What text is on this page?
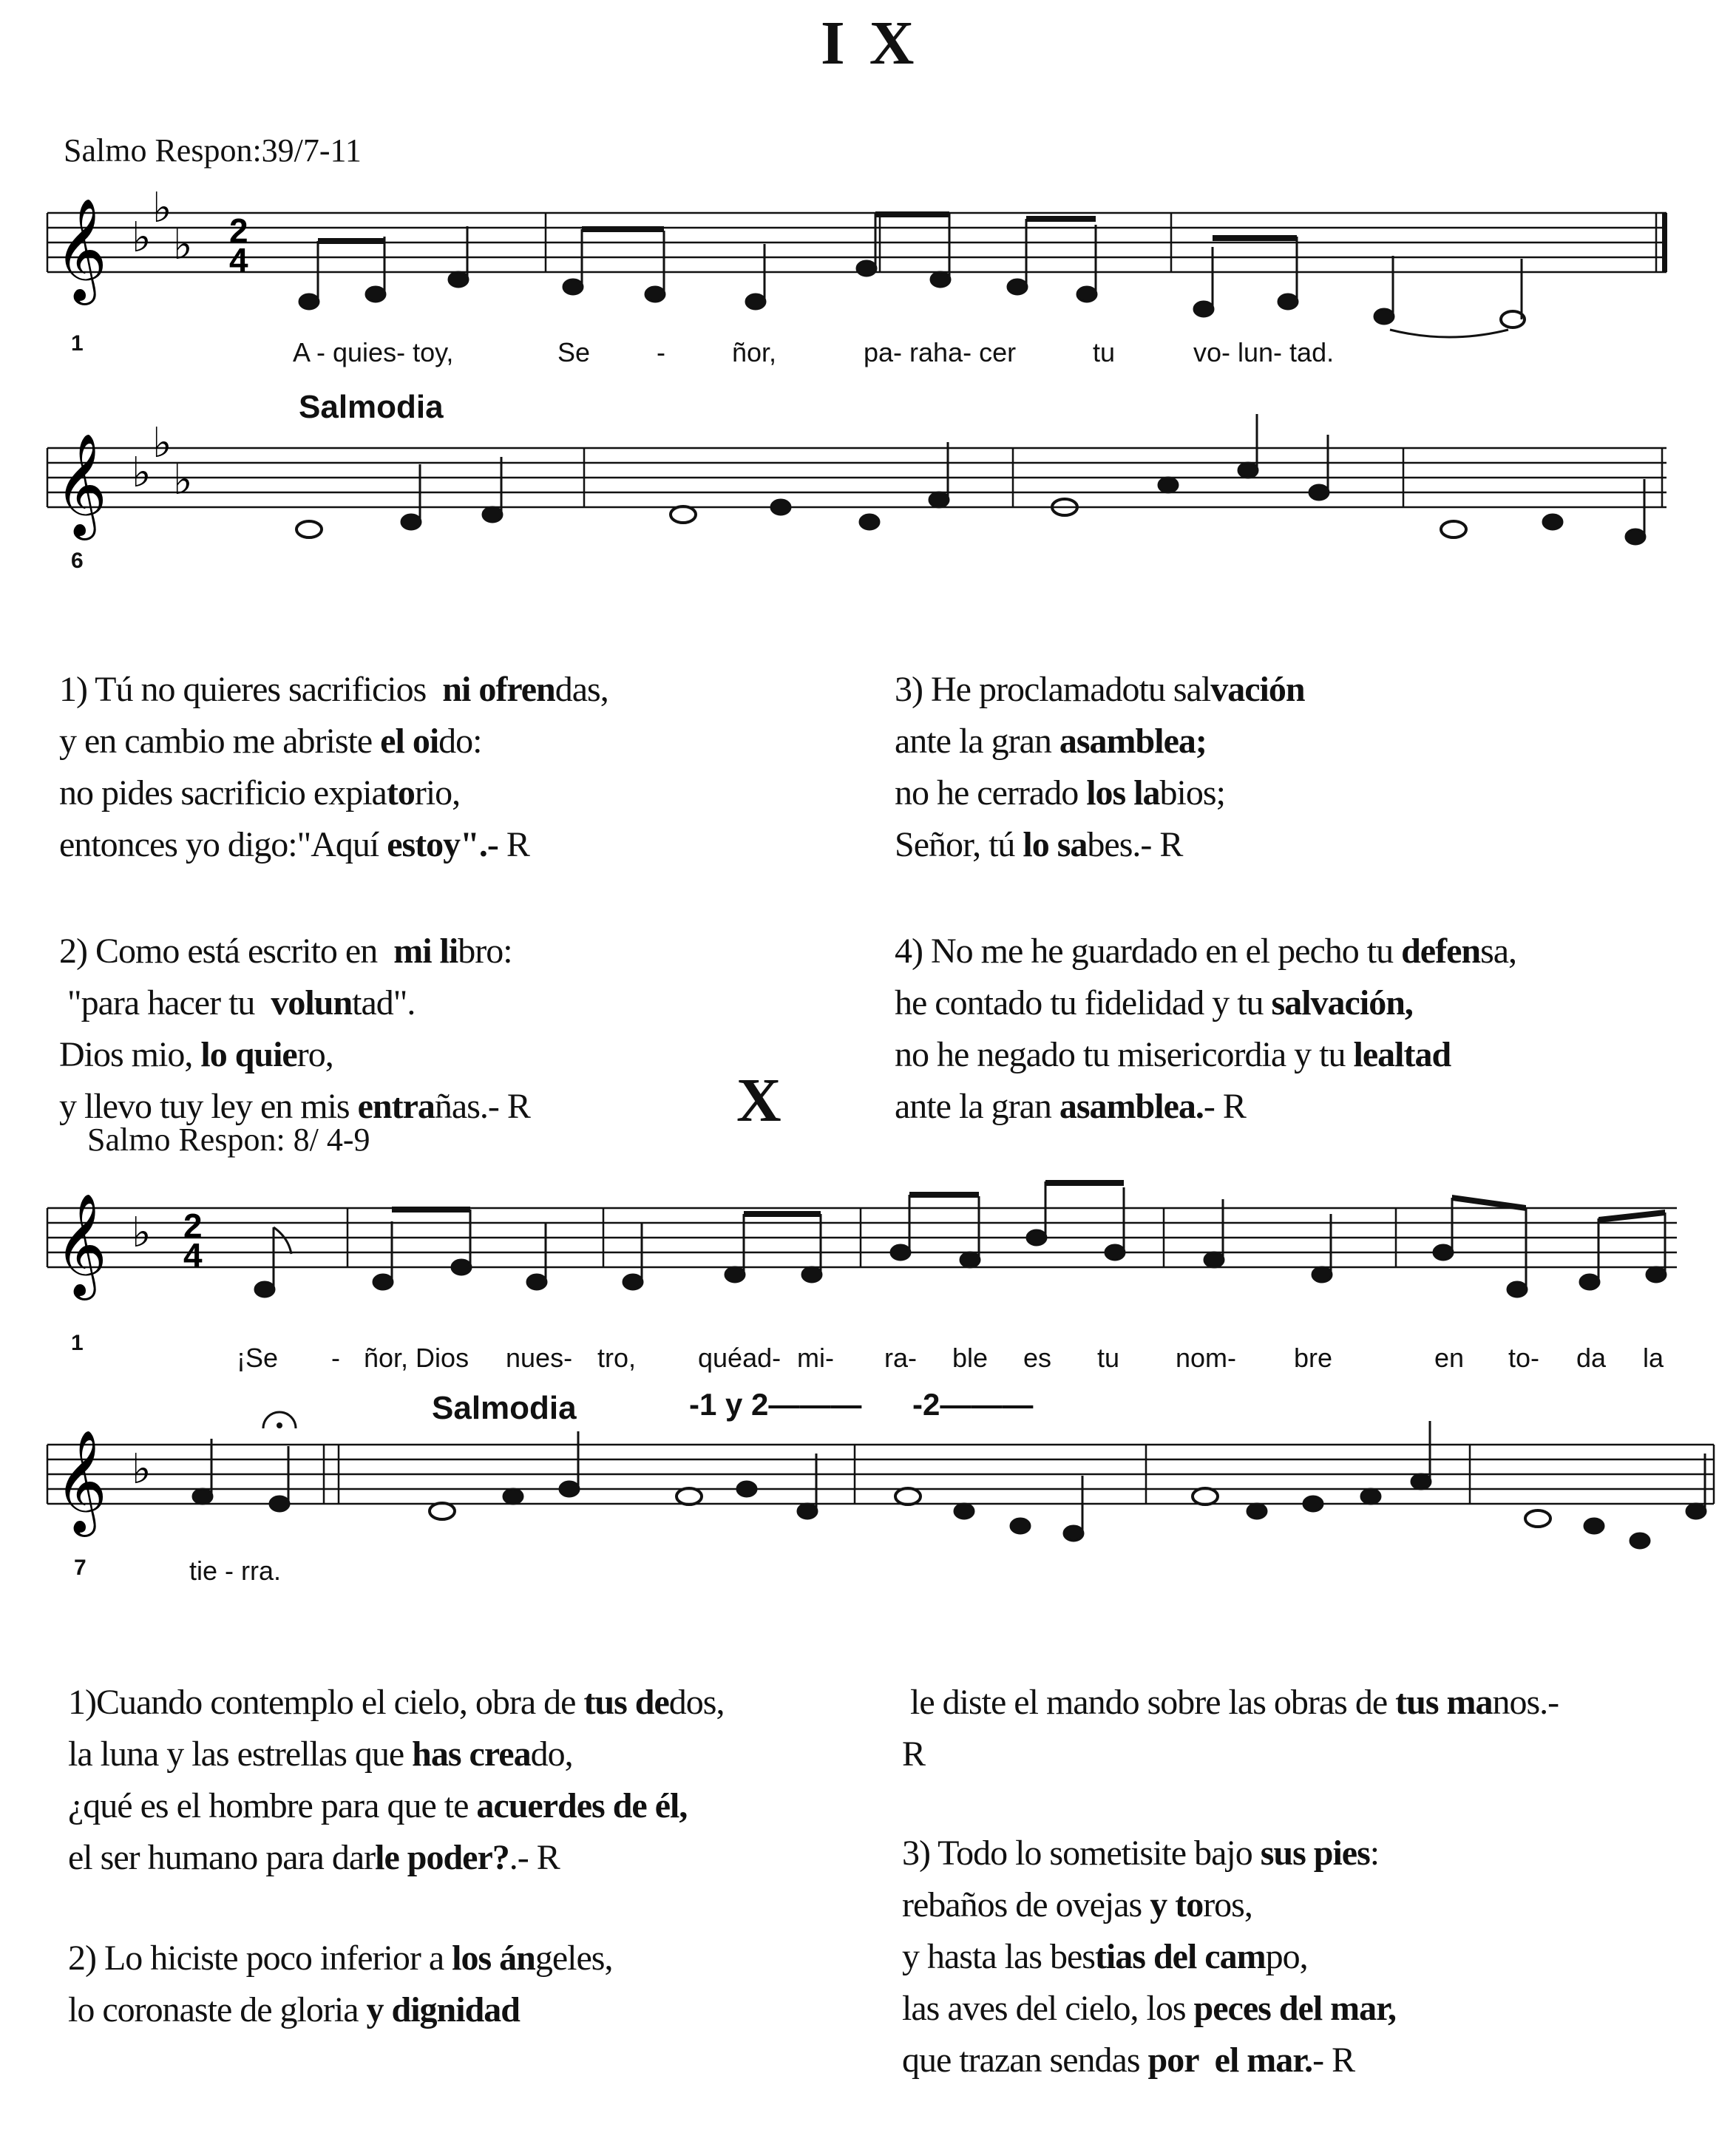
I X
Salmo Respon:39/7-11
𝄞 ♭
♭
♭ 2
4
1	A - quies- toy,	Se -	ñor,	pa- raha- cer	tu	vo- lun- tad.
Salmodia
𝄞 ♭
♭
♭
6
1) Tú no quieres sacrificios  ni ofrendas,
y en cambio me abriste el oido:
no pides sacrificio expiatorio,
entonces yo digo:"Aquí estoy".- R
2) Como está escrito en  mi libro:
"para hacer tu  voluntad".
Dios mio, lo quiero,
y llevo tuy ley en mis entrañas.- R
3) He proclamadotu salvación
ante la gran asamblea;
no he cerrado los labios;
Señor, tú lo sabes.- R
4) No me he guardado en el pecho tu defensa,
he contado tu fidelidad y tu salvación,
no he negado tu misericordia y tu lealtad
ante la gran asamblea.- R
X
Salmo Respon: 8/ 4-9
𝄞 ♭ 2
4
1	¡Se - ñor, Dios nues- tro, quéad- mi- ra- ble es tu nom- bre	en to- da la
Salmodia	-1 y 2——— -2———
𝄞 ♭
7	tie - rra.
1)Cuando contemplo el cielo, obra de tus dedos,
la luna y las estrellas que has creado,
¿qué es el hombre para que te acuerdes de él,
el ser humano para darle poder?.- R
2) Lo hiciste poco inferior a los ángeles,
lo coronaste de gloria y dignidad
le diste el mando sobre las obras de tus manos.-
R
3) Todo lo sometisite bajo sus pies:
rebaños de ovejas y toros,
y hasta las bestias del campo,
las aves del cielo, los peces del mar,
que trazan sendas por  el mar.- R
